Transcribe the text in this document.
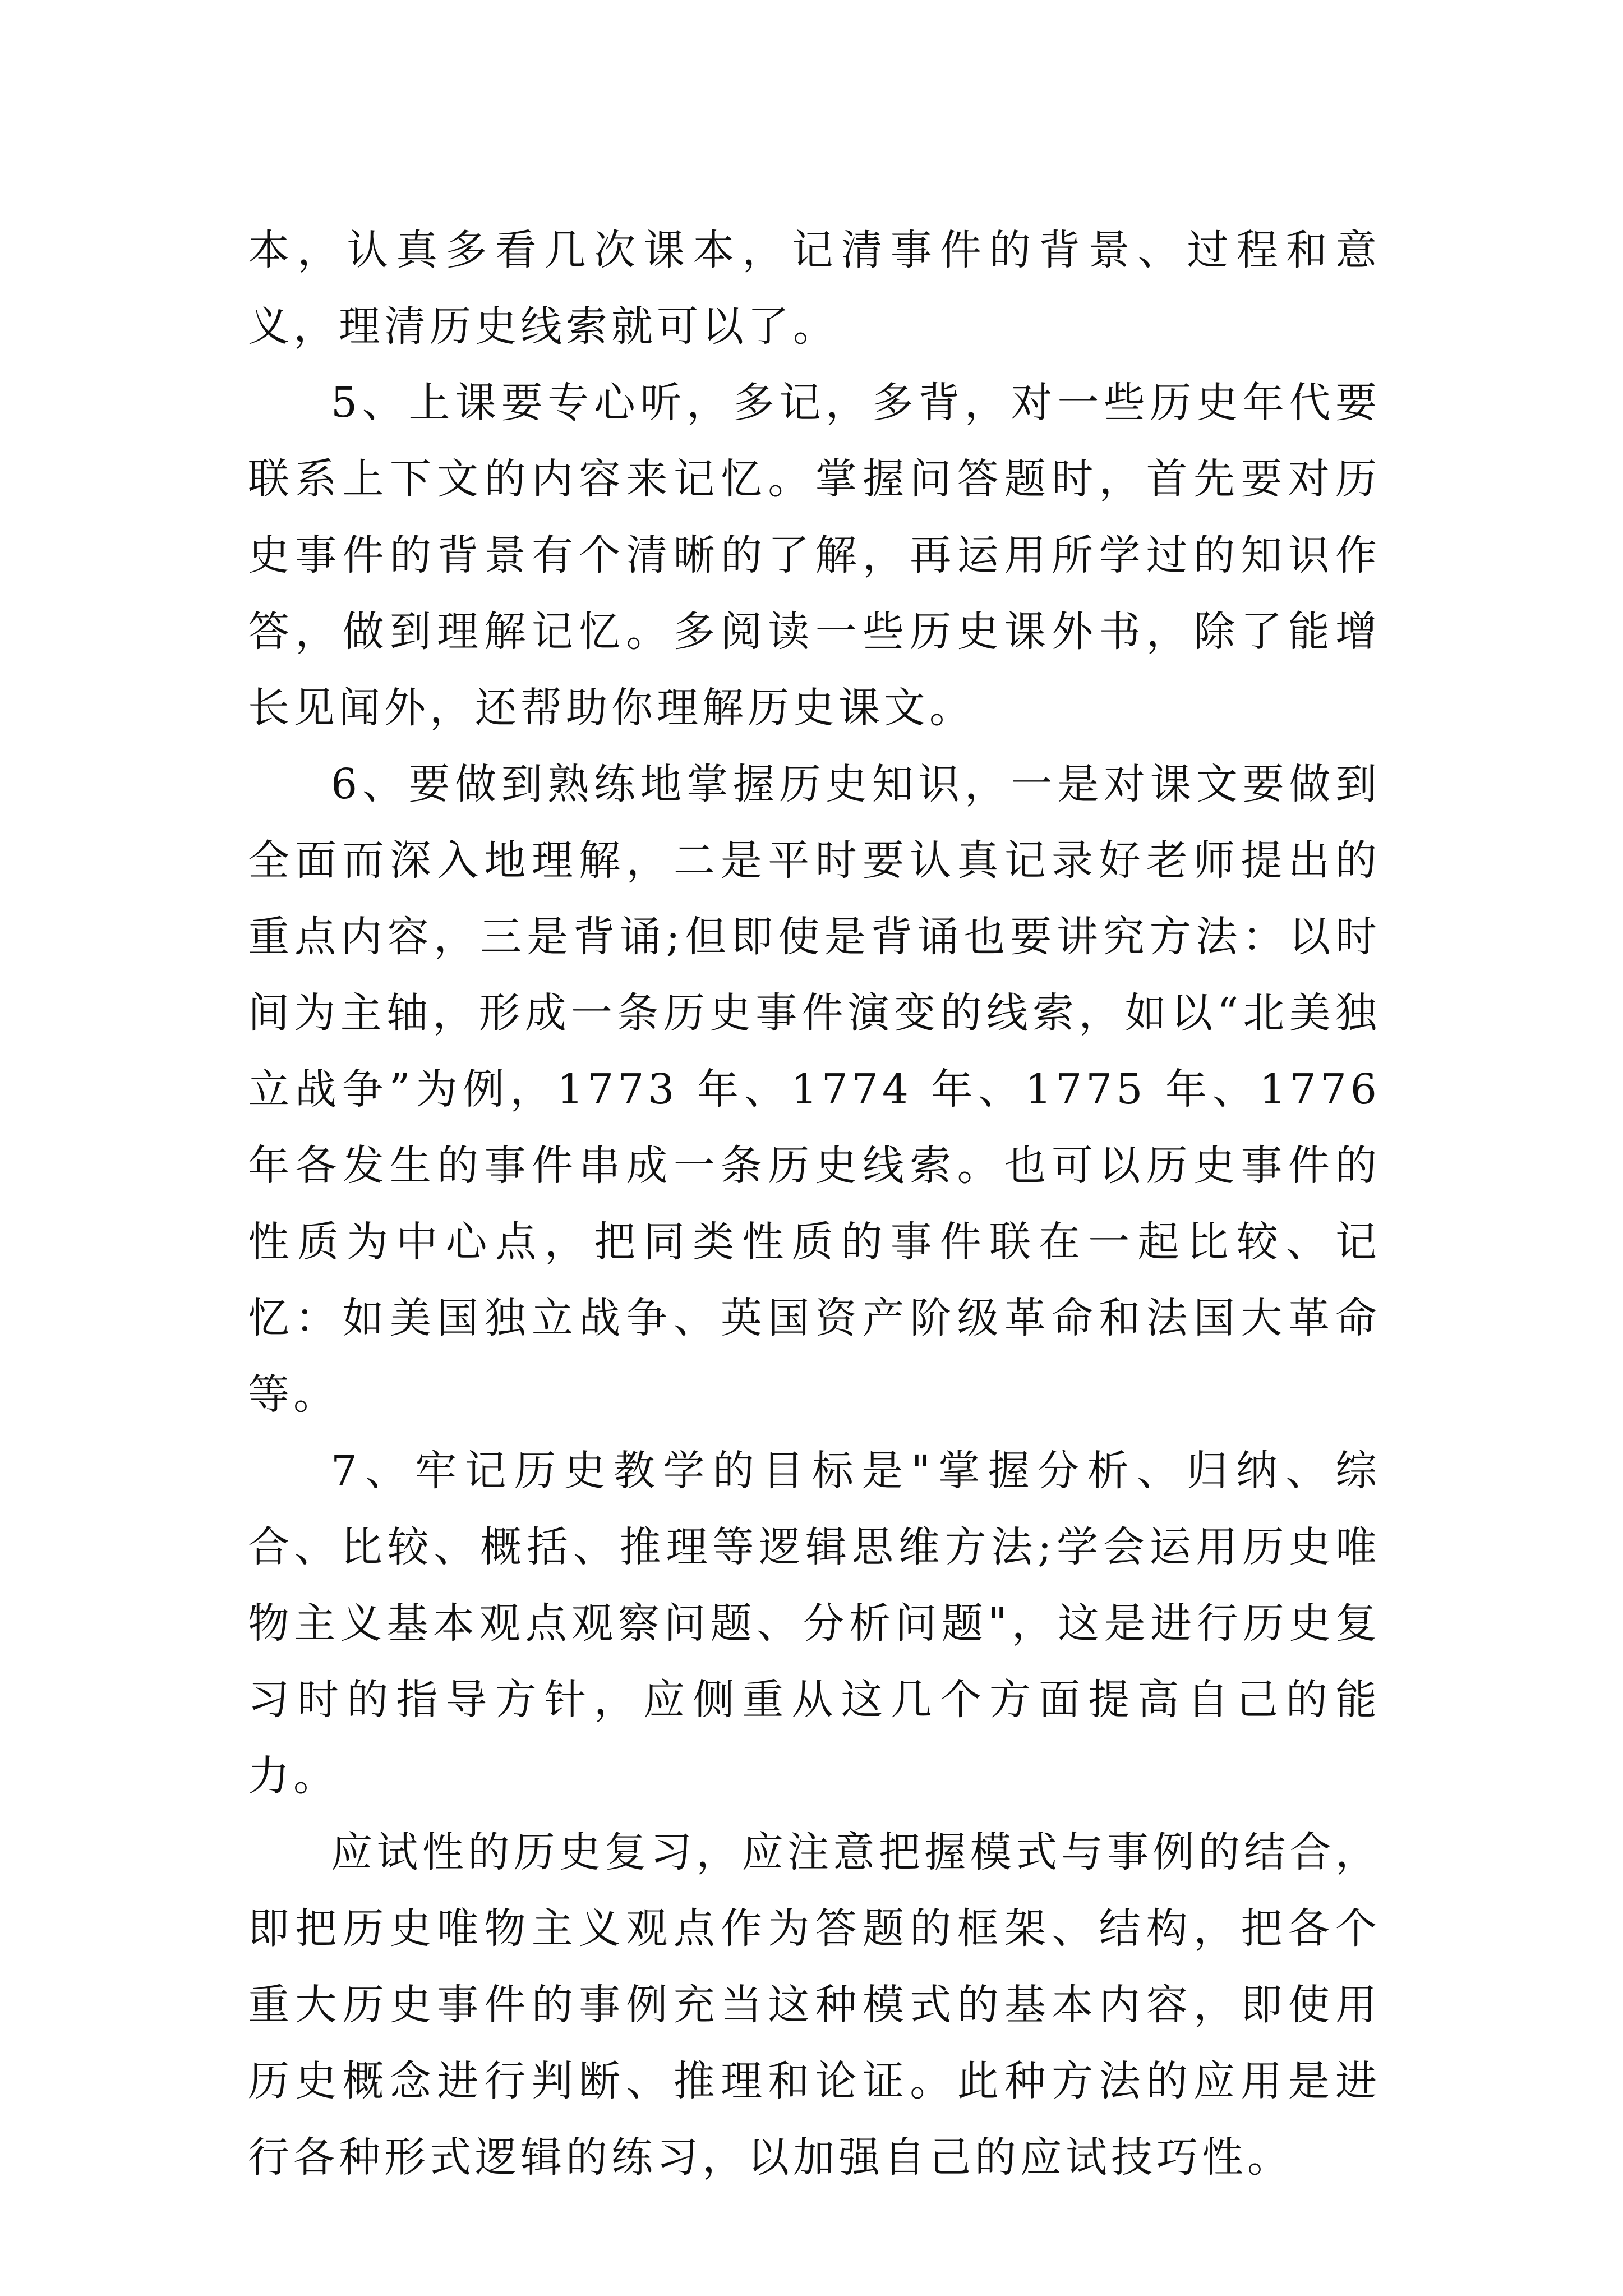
本，认真多看几次课本，记清事件的背景、过程和意义，理清历史线索就可以了。

5、上课要专心听，多记，多背，对一些历史年代要联系上下文的内容来记忆。掌握问答题时，首先要对历史事件的背景有个清晰的了解，再运用所学过的知识作答，做到理解记忆。多阅读一些历史课外书，除了能增长见闻外，还帮助你理解历史课文。

6、要做到熟练地掌握历史知识，一是对课文要做到全面而深入地理解，二是平时要认真记录好老师提出的重点内容，三是背诵;但即使是背诵也要讲究方法：以时间为主轴，形成一条历史事件演变的线索，如以“北美独立战争”为例，1773 年、1774 年、1775 年、1776 年各发生的事件串成一条历史线索。也可以历史事件的性质为中心点，把同类性质的事件联在一起比较、记忆：如美国独立战争、英国资产阶级革命和法国大革命等。

7、牢记历史教学的目标是"掌握分析、归纳、综合、比较、概括、推理等逻辑思维方法;学会运用历史唯物主义基本观点观察问题、分析问题"，这是进行历史复习时的指导方针，应侧重从这几个方面提高自己的能力。

应试性的历史复习，应注意把握模式与事例的结合，即把历史唯物主义观点作为答题的框架、结构，把各个重大历史事件的事例充当这种模式的基本内容，即使用历史概念进行判断、推理和论证。此种方法的应用是进行各种形式逻辑的练习，以加强自己的应试技巧性。
